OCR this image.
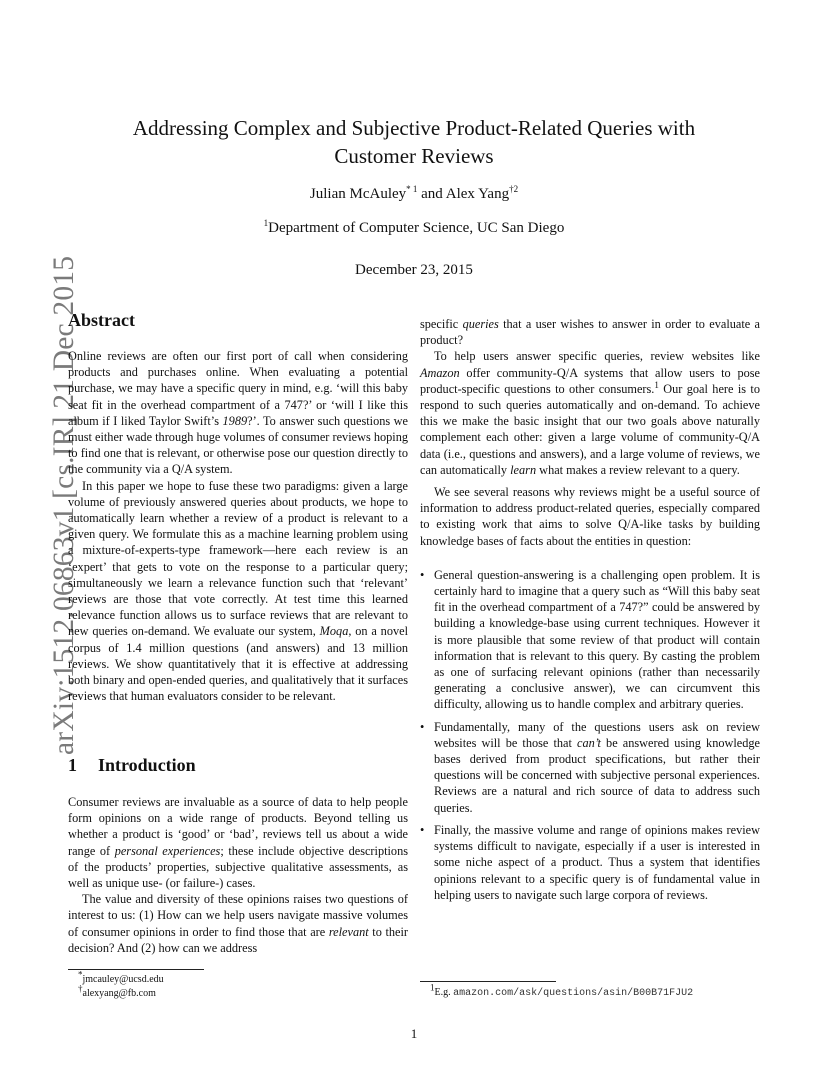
arXiv:1512.06863v1 [cs.IR] 21 Dec 2015
Addressing Complex and Subjective Product-Related Queries with Customer Reviews
Julian McAuley$^{* 1}$ and Alex Yang$^{\dagger 2}$
$^1$Department of Computer Science, UC San Diego
December 23, 2015
Abstract

Online reviews are often our first port of call when considering products and purchases online. When evaluating a potential purchase, we may have a specific query in mind, e.g. ‘will this baby seat fit in the overhead compartment of a 747?’ or ‘will I like this album if I liked Taylor Swift’s 1989?’. To answer such questions we must either wade through huge volumes of consumer reviews hoping to find one that is relevant, or otherwise pose our question directly to the community via a Q/A system.

In this paper we hope to fuse these two paradigms: given a large volume of previously answered queries about products, we hope to automatically learn whether a review of a product is relevant to a given query. We formulate this as a machine learning problem using a mixture-of-experts-type framework—here each review is an ‘expert’ that gets to vote on the response to a particular query; simultaneously we learn a relevance function such that ‘relevant’ reviews are those that vote correctly. At test time this learned relevance function allows us to surface reviews that are relevant to new queries on-demand. We evaluate our system, Moqa, on a novel corpus of 1.4 million questions (and answers) and 13 million reviews. We show quantitatively that it is effective at addressing both binary and open-ended queries, and qualitatively that it surfaces reviews that human evaluators consider to be relevant.

1 Introduction

Consumer reviews are invaluable as a source of data to help people form opinions on a wide range of products. Beyond telling us whether a product is ‘good’ or ‘bad’, reviews tell us about a wide range of personal experiences; these include objective descriptions of the products’ properties, subjective qualitative assessments, as well as unique use- (or failure-) cases.

The value and diversity of these opinions raises two questions of interest to us: (1) How can we help users navigate massive volumes of consumer opinions in order to find those that are relevant to their decision? And (2) how can we address

*jmcauley@ucsd.edu
†alexyang@fb.com

specific queries that a user wishes to answer in order to evaluate a product?

To help users answer specific queries, review websites like Amazon offer community-Q/A systems that allow users to pose product-specific questions to other consumers.$^1$ Our goal here is to respond to such queries automatically and on-demand. To achieve this we make the basic insight that our two goals above naturally complement each other: given a large volume of community-Q/A data (i.e., questions and answers), and a large volume of reviews, we can automatically learn what makes a review relevant to a query.

We see several reasons why reviews might be a useful source of information to address product-related queries, especially compared to existing work that aims to solve Q/A-like tasks by building knowledge bases of facts about the entities in question:

• General question-answering is a challenging open problem. It is certainly hard to imagine that a query such as “Will this baby seat fit in the overhead compartment of a 747?” could be answered by building a knowledge-base using current techniques. However it is more plausible that some review of that product will contain information that is relevant to this query. By casting the problem as one of surfacing relevant opinions (rather than necessarily generating a conclusive answer), we can circumvent this difficulty, allowing us to handle complex and arbitrary queries.
• Fundamentally, many of the questions users ask on review websites will be those that can’t be answered using knowledge bases derived from product specifications, but rather their questions will be concerned with subjective personal experiences. Reviews are a natural and rich source of data to address such queries.
• Finally, the massive volume and range of opinions makes review systems difficult to navigate, especially if a user is interested in some niche aspect of a product. Thus a system that identifies opinions relevant to a specific query is of fundamental value in helping users to navigate such large corpora of reviews.
$^1$E.g. amazon.com/ask/questions/asin/B00B71FJU2
1
